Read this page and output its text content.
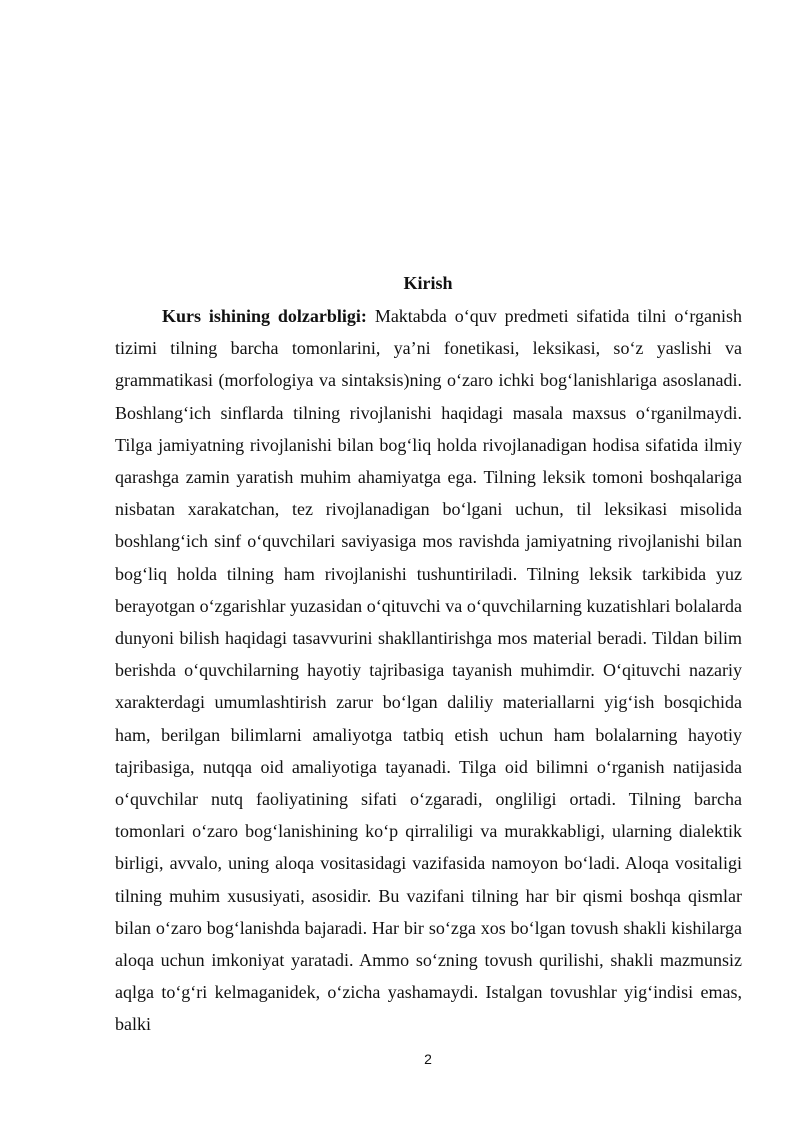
Kirish

Kurs ishining dolzarbligi: Maktabda o‘quv predmeti sifatida tilni o‘rganish tizimi tilning barcha tomonlarini, ya’ni fonetikasi, leksikasi, so‘z yaslishi va grammatikasi (morfologiya va sintaksis)ning o‘zaro ichki bog‘lanishlariga asoslanadi. Boshlang‘ich sinflarda tilning rivojlanishi haqidagi masala maxsus o‘rganilmaydi. Tilga jamiyatning rivojlanishi bilan bog‘liq holda rivojlanadigan hodisa sifatida ilmiy qarashga zamin yaratish muhim ahamiyatga ega. Tilning leksik tomoni boshqalariga nisbatan xarakatchan, tez rivojlanadigan bo‘lgani uchun, til leksikasi misolida boshlang‘ich sinf o‘quvchilari saviyasiga mos ravishda jamiyatning rivojlanishi bilan bog‘liq holda tilning ham rivojlanishi tushuntiriladi. Tilning leksik tarkibida yuz berayotgan o‘zgarishlar yuzasidan o‘qituvchi va o‘quvchilarning kuzatishlari bolalarda dunyoni bilish haqidagi tasavvurini shakllantirishga mos material beradi. Tildan bilim berishda o‘quvchilarning hayotiy tajribasiga tayanish muhimdir. O‘qituvchi nazariy xarakterdagi umumlashtirish zarur bo‘lgan daliliy materiallarni yig‘ish bosqichida ham, berilgan bilimlarni amaliyotga tatbiq etish uchun ham bolalarning hayotiy tajribasiga, nutqqa oid amaliyotiga tayanadi. Tilga oid bilimni o‘rganish natijasida o‘quvchilar nutq faoliyatining sifati o‘zgaradi, ongliligi ortadi. Tilning barcha tomonlari o‘zaro bog‘lanishining ko‘p qirraliligi va murakkabligi, ularning dialektik birligi, avvalo, uning aloqa vositasidagi vazifasida namoyon bo‘ladi. Aloqa vositaligi tilning muhim xususiyati, asosidir. Bu vazifani tilning har bir qismi boshqa qismlar bilan o‘zaro bog‘lanishda bajaradi. Har bir so‘zga xos bo‘lgan tovush shakli kishilarga aloqa uchun imkoniyat yaratadi. Ammo so‘zning tovush qurilishi, shakli mazmunsiz aqlga to‘g‘ri kelmaganidek, o‘zicha yashamaydi. Istalgan tovushlar yig‘indisi emas, balki

2
